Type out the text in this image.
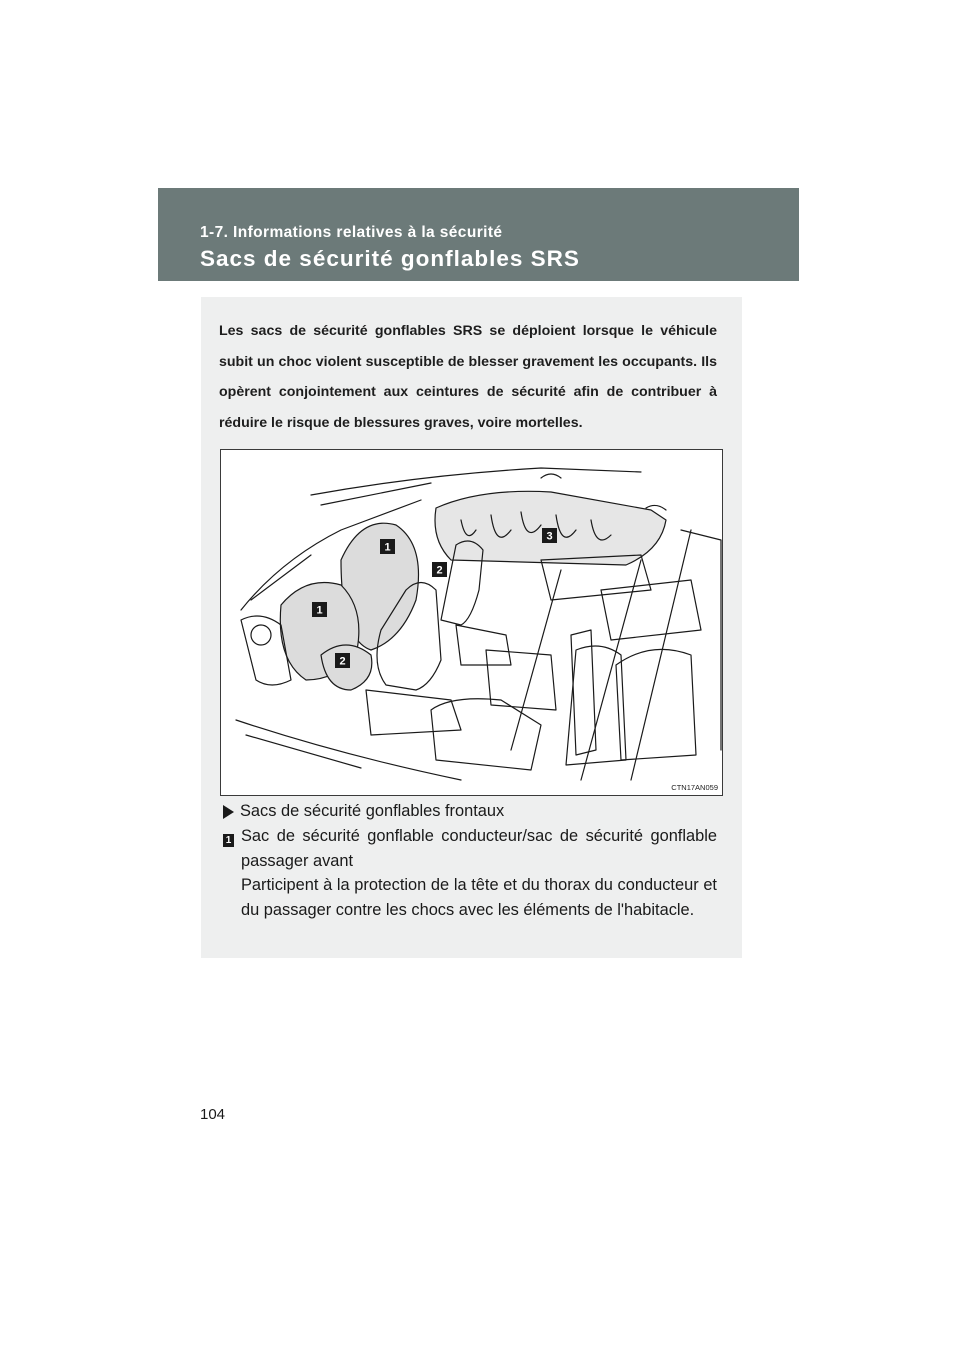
1-7. Informations relatives à la sécurité

Sacs de sécurité gonflables SRS

Les sacs de sécurité gonflables SRS se déploient lorsque le véhicule subit un choc violent susceptible de blesser gravement les occupants. Ils opèrent conjointement aux ceintures de sécurité afin de contribuer à réduire le risque de blessures graves, voire mortelles.

1
2
3
1
2
CTN17AN059
Sacs de sécurité gonflables frontaux
1 Sac de sécurité gonflable conducteur/sac de sécurité gonflable passager avant

Participent à la protection de la tête et du thorax du conducteur et du passager contre les chocs avec les éléments de l'habitacle.

104
